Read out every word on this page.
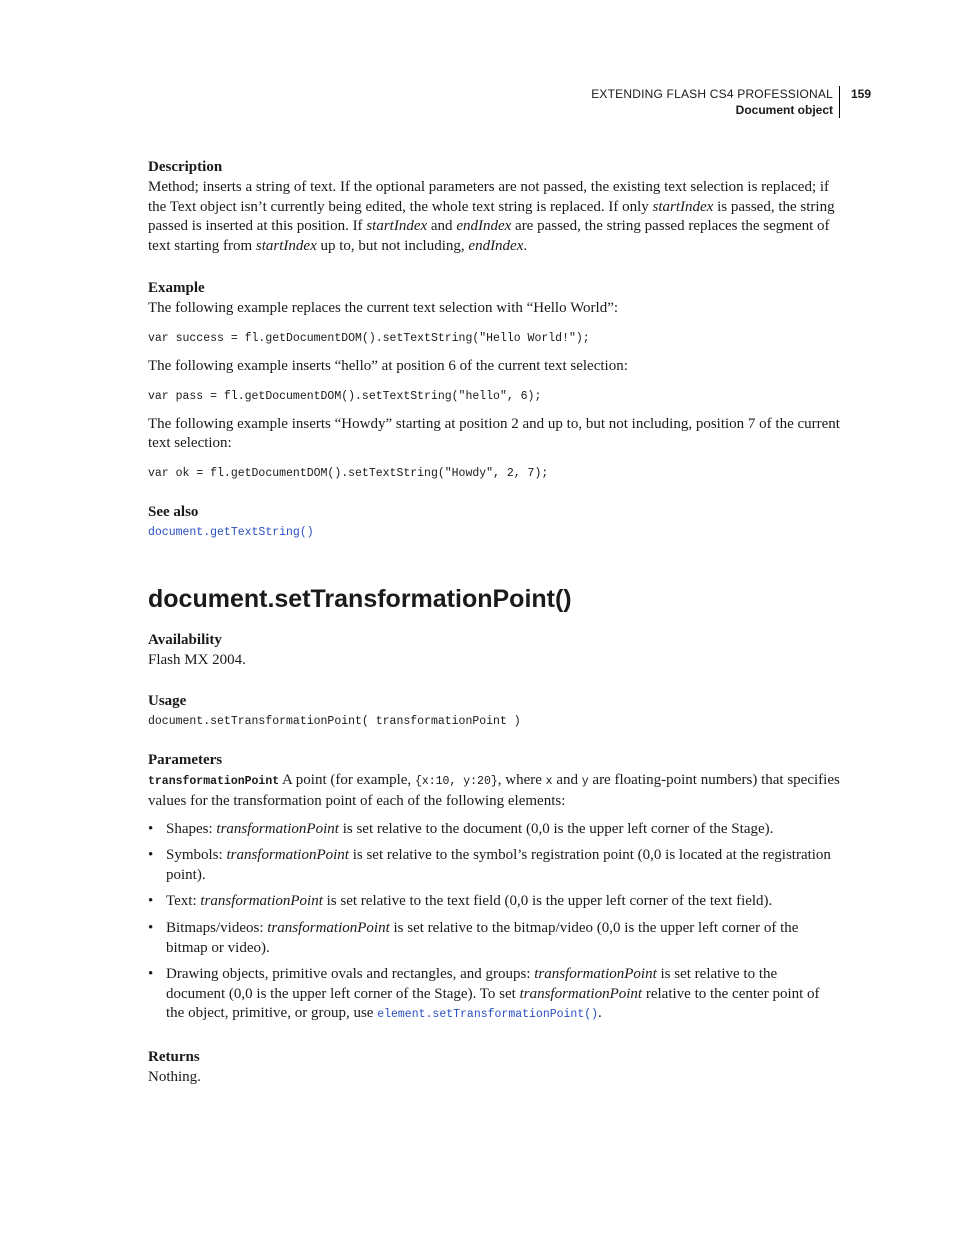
EXTENDING FLASH CS4 PROFESSIONAL
Document object
159
Description

Method; inserts a string of text. If the optional parameters are not passed, the existing text selection is replaced; if the Text object isn’t currently being edited, the whole text string is replaced. If only startIndex is passed, the string passed is inserted at this position. If startIndex and endIndex are passed, the string passed replaces the segment of text starting from startIndex up to, but not including, endIndex.

Example

The following example replaces the current text selection with “Hello World”:

var success = fl.getDocumentDOM().setTextString("Hello World!");

The following example inserts “hello” at position 6 of the current text selection:

var pass = fl.getDocumentDOM().setTextString("hello", 6);

The following example inserts “Howdy” starting at position 2 and up to, but not including, position 7 of the current text selection:

var ok = fl.getDocumentDOM().setTextString("Howdy", 2, 7);
See also
document.getTextString()
document.setTransformationPoint()
Availability

Flash MX 2004.

Usage
document.setTransformationPoint( transformationPoint )
Parameters

transformationPoint A point (for example, {x:10, y:20}, where x and y are floating-point numbers) that specifies values for the transformation point of each of the following elements:

• Shapes: transformationPoint is set relative to the document (0,0 is the upper left corner of the Stage).
• Symbols: transformationPoint is set relative to the symbol’s registration point (0,0 is located at the registration point).
• Text: transformationPoint is set relative to the text field (0,0 is the upper left corner of the text field).
• Bitmaps/videos: transformationPoint is set relative to the bitmap/video (0,0 is the upper left corner of the bitmap or video).
• Drawing objects, primitive ovals and rectangles, and groups: transformationPoint is set relative to the document (0,0 is the upper left corner of the Stage). To set transformationPoint relative to the center point of the object, primitive, or group, use element.setTransformationPoint().
Returns

Nothing.
